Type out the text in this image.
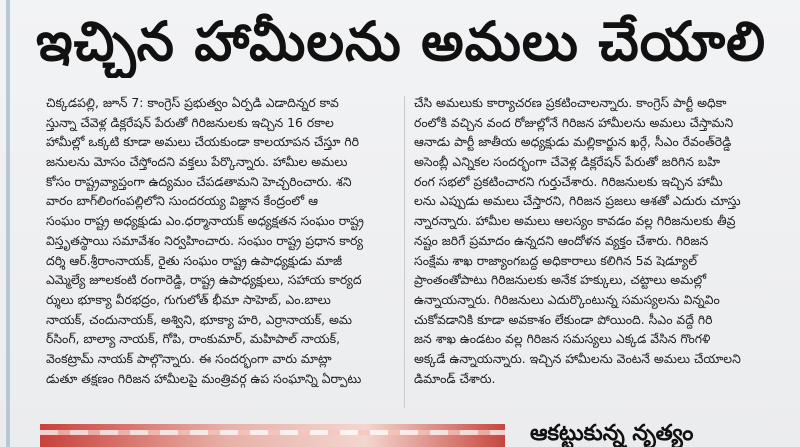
ఇచ్చిన హామీలను అమలు చేయాలి
చిక్కడపల్లి, జూన్ 7: కాంగ్రెస్ ప్రభుత్వం ఏర్పడి ఎడాదిన్నర కావ
స్తున్నా చేవెళ్ల డిక్లరేషన్ పేరుతో గిరిజనులకు ఇచ్చిన 16 రకాల
హామీల్లో ఒక్కటి కూడా అమలు చేయకుండా కాలయాపన చేస్తూ గిరి
జనులను మోసం చేస్తోందని వక్తలు పేర్కొన్నారు. హామీల అమలు
కోసం రాష్ట్రవ్యాప్తంగా ఉద్యమం చేపడతామని హెచ్చరించారు. శని
వారం బాగ్‌లింగంపల్లిలోని సుందరయ్య విజ్ఞాన కేంద్రంలో ఆ
సంఘం రాష్ట్ర అధ్యక్షుడు ఎం.ధర్మానాయక్ అధ్యక్షతన సంఘం రాష్ట్ర
విస్తృతస్థాయి సమావేశం నిర్వహించారు. సంఘం రాష్ట్ర ప్రధాన కార్య
దర్శి ఆర్.శ్రీరాంనాయక్, రైతు సంఘం రాష్ట్ర ఉపాధ్యక్షుడు మాజీ
ఎమ్మెల్యే జూలకంటి రంగారెడ్డి, రాష్ట్ర ఉపాధ్యక్షులు, సహాయ కార్యద
ర్శులు భూక్యా వీరభద్రం, గుగులోత్ భీమా సాహెబ్, ఎం.బాలు
నాయక్, చందునాయక్, అశ్విని, భూక్యా హరి, ఎర్రానాయక్, అమ
ర్‌సింగ్, బాల్యా నాయక్, గోపి, రాంకుమార్, మహిపాల్ నాయక్,
వెంకట్రామ్ నాయక్ పాల్గొన్నారు. ఈ సందర్భంగా వారు మాట్లా
డుతూ తక్షణం గిరిజన హామీలపై మంత్రివర్గ ఉప సంఘాన్ని ఏర్పాటు
చేసి అమలుకు కార్యాచరణ ప్రకటించాలన్నారు. కాంగ్రెస్ పార్టీ అధికా
రంలోకి వచ్చిన వంద రోజుల్లోనే గిరిజన హామీలను అమలు చేస్తామని
ఆనాడు పార్టీ జాతీయ అధ్యక్షుడు మల్లికార్జున ఖర్గే, సీఎం రేవంత్‌రెడ్డి
అసెంబ్లీ ఎన్నికల సందర్భంగా చేవెళ్ల డిక్లరేషన్ పేరుతో జరిగిన బహి
రంగ సభలో ప్రకటించారని గుర్తుచేశారు. గిరిజనులకు ఇచ్చిన హామీ
లను ఎప్పుడు అమలు చేస్తారని, గిరిజన ప్రజలు ఆశతో ఎదురు చూస్తు
న్నారన్నారు. హామీల అమలు ఆలస్యం కావడం వల్ల గిరిజనులకు తీవ్ర
నష్టం జరిగే ప్రమాదం ఉన్నదని ఆందోళన వ్యక్తం చేశారు. గిరిజన
సంక్షేమ శాఖ రాజ్యాంగబద్ధ అధికారాలు కలిగిన 5వ షెడ్యూల్
ప్రాంతంతోపాటు గిరిజనులకు అనేక హక్కులు, చట్టాలు అమల్లో
ఉన్నాయన్నారు. గిరిజనులు ఎదుర్కొంటున్న సమస్యలను విన్నవిం
చుకోవడానికి కూడా అవకాశం లేకుండా పోయింది. సీఎం వద్దే గిరి
జన శాఖ ఉండటం వల్ల గిరిజన సమస్యలు ఎక్కడ వేసిన గొంగళి
అక్కడే ఉన్నాయన్నారు. ఇచ్చిన హామీలను వెంటనే అమలు చేయాలని
డిమాండ్ చేశారు.
ఆకట్టుకున్న నృత్యం
